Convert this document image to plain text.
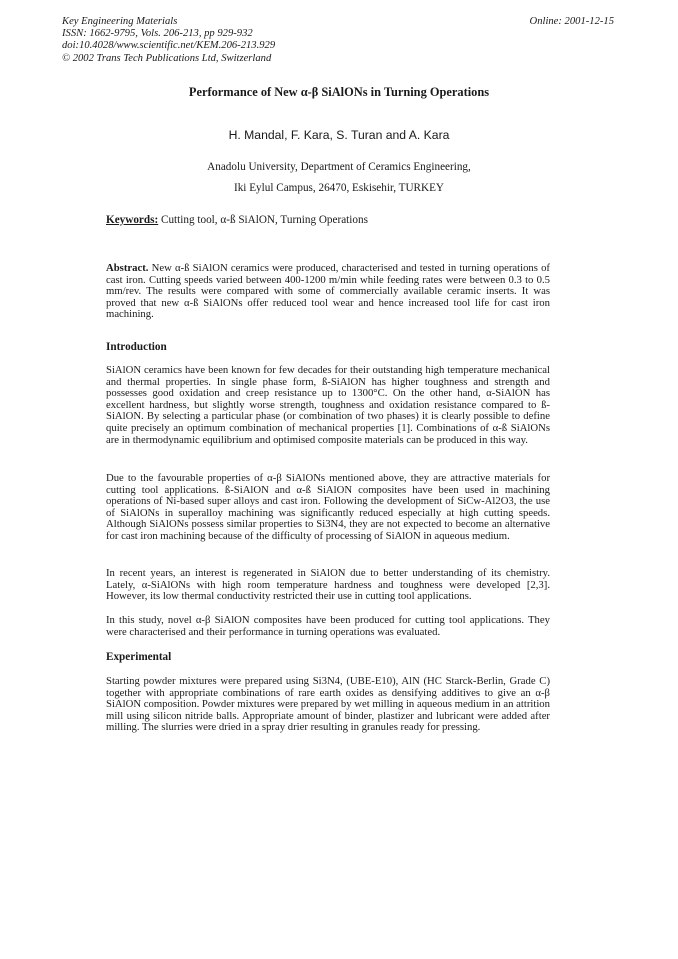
Key Engineering Materials
ISSN: 1662-9795, Vols. 206-213, pp 929-932
doi:10.4028/www.scientific.net/KEM.206-213.929
© 2002 Trans Tech Publications Ltd, Switzerland
Online: 2001-12-15
Performance of New α-β SiAlONs in Turning Operations
H. Mandal, F. Kara, S. Turan and A. Kara
Anadolu University, Department of Ceramics Engineering,
Iki Eylul Campus, 26470, Eskisehir, TURKEY
Keywords: Cutting tool, α-ß SiAlON, Turning Operations

Abstract. New α-ß SiAlON ceramics were produced, characterised and tested in turning operations of cast iron. Cutting speeds varied between 400-1200 m/min while feeding rates were between 0.3 to 0.5 mm/rev. The results were compared with some of commercially available ceramic inserts. It was proved that new α-ß SiAlONs offer reduced tool wear and hence increased tool life for cast iron machining.

Introduction

SiAlON ceramics have been known for few decades for their outstanding high temperature mechanical and thermal properties. In single phase form, ß-SiAlON has higher toughness and strength and possesses good oxidation and creep resistance up to 1300°C. On the other hand, α-SiAlON has excellent hardness, but slightly worse strength, toughness and oxidation resistance compared to ß-SiAlON. By selecting a particular phase (or combination of two phases) it is clearly possible to define quite precisely an optimum combination of mechanical properties [1]. Combinations of α-ß SiAlONs are in thermodynamic equilibrium and optimised composite materials can be produced in this way.

Due to the favourable properties of α-β SiAlONs mentioned above, they are attractive materials for cutting tool applications. ß-SiAlON and α-ß SiAlON composites have been used in machining operations of Ni-based super alloys and cast iron. Following the development of SiCw-Al2O3, the use of SiAlONs in superalloy machining was significantly reduced especially at high cutting speeds. Although SiAlONs possess similar properties to Si3N4, they are not expected to become an alternative for cast iron machining because of the difficulty of processing of SiAlON in aqueous medium.

In recent years, an interest is regenerated in SiAlON due to better understanding of its chemistry. Lately, α-SiAlONs with high room temperature hardness and toughness were developed [2,3]. However, its low thermal conductivity restricted their use in cutting tool applications.

In this study, novel α-β SiAlON composites have been produced for cutting tool applications. They were characterised and their performance in turning operations was evaluated.

Experimental

Starting powder mixtures were prepared using Si3N4, (UBE-E10), AlN (HC Starck-Berlin, Grade C) together with appropriate combinations of rare earth oxides as densifying additives to give an α-β SiAlON composition. Powder mixtures were prepared by wet milling in aqueous medium in an attrition mill using silicon nitride balls. Appropriate amount of binder, plastizer and lubricant were added after milling. The slurries were dried in a spray drier resulting in granules ready for pressing.
